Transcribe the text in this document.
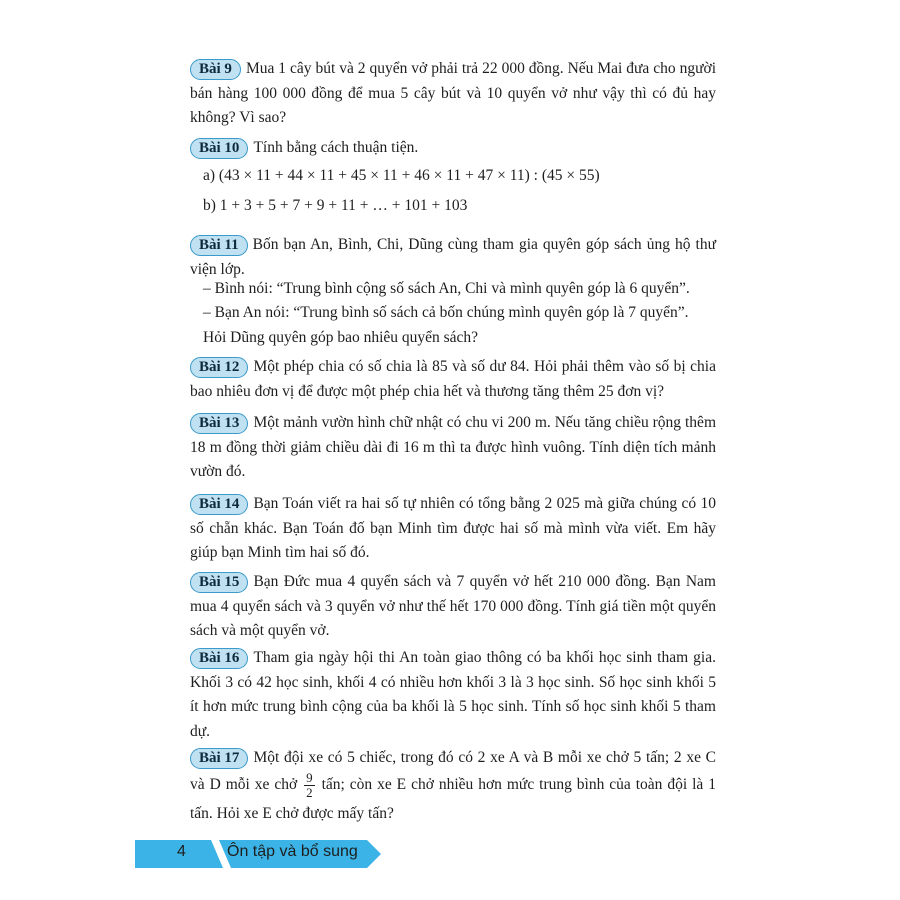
Bài 9 Mua 1 cây bút và 2 quyển vở phải trả 22 000 đồng. Nếu Mai đưa cho người bán hàng 100 000 đồng để mua 5 cây bút và 10 quyển vở như vậy thì có đủ hay không? Vì sao?
Bài 10 Tính bằng cách thuận tiện.
a) (43 × 11 + 44 × 11 + 45 × 11 + 46 × 11 + 47 × 11) : (45 × 55)
b) 1 + 3 + 5 + 7 + 9 + 11 + … + 101 + 103
Bài 11 Bốn bạn An, Bình, Chi, Dũng cùng tham gia quyên góp sách ủng hộ thư viện lớp.
– Bình nói: “Trung bình cộng số sách An, Chi và mình quyên góp là 6 quyển”.
– Bạn An nói: “Trung bình số sách cả bốn chúng mình quyên góp là 7 quyển”.
Hỏi Dũng quyên góp bao nhiêu quyển sách?
Bài 12 Một phép chia có số chia là 85 và số dư 84. Hỏi phải thêm vào số bị chia bao nhiêu đơn vị để được một phép chia hết và thương tăng thêm 25 đơn vị?
Bài 13 Một mảnh vườn hình chữ nhật có chu vi 200 m. Nếu tăng chiều rộng thêm 18 m đồng thời giảm chiều dài đi 16 m thì ta được hình vuông. Tính diện tích mảnh vườn đó.
Bài 14 Bạn Toán viết ra hai số tự nhiên có tổng bằng 2 025 mà giữa chúng có 10 số chẵn khác. Bạn Toán đố bạn Minh tìm được hai số mà mình vừa viết. Em hãy giúp bạn Minh tìm hai số đó.
Bài 15 Bạn Đức mua 4 quyển sách và 7 quyển vở hết 210 000 đồng. Bạn Nam mua 4 quyển sách và 3 quyển vở như thế hết 170 000 đồng. Tính giá tiền một quyển sách và một quyển vở.
Bài 16 Tham gia ngày hội thi An toàn giao thông có ba khối học sinh tham gia. Khối 3 có 42 học sinh, khối 4 có nhiều hơn khối 3 là 3 học sinh. Số học sinh khối 5 ít hơn mức trung bình cộng của ba khối là 5 học sinh. Tính số học sinh khối 5 tham dự.
Bài 17 Một đội xe có 5 chiếc, trong đó có 2 xe A và B mỗi xe chở 5 tấn; 2 xe C và D mỗi xe chở $\frac{9}{2}$ tấn; còn xe E chở nhiều hơn mức trung bình của toàn đội là 1 tấn. Hỏi xe E chở được mấy tấn?
4	Ôn tập và bổ sung
